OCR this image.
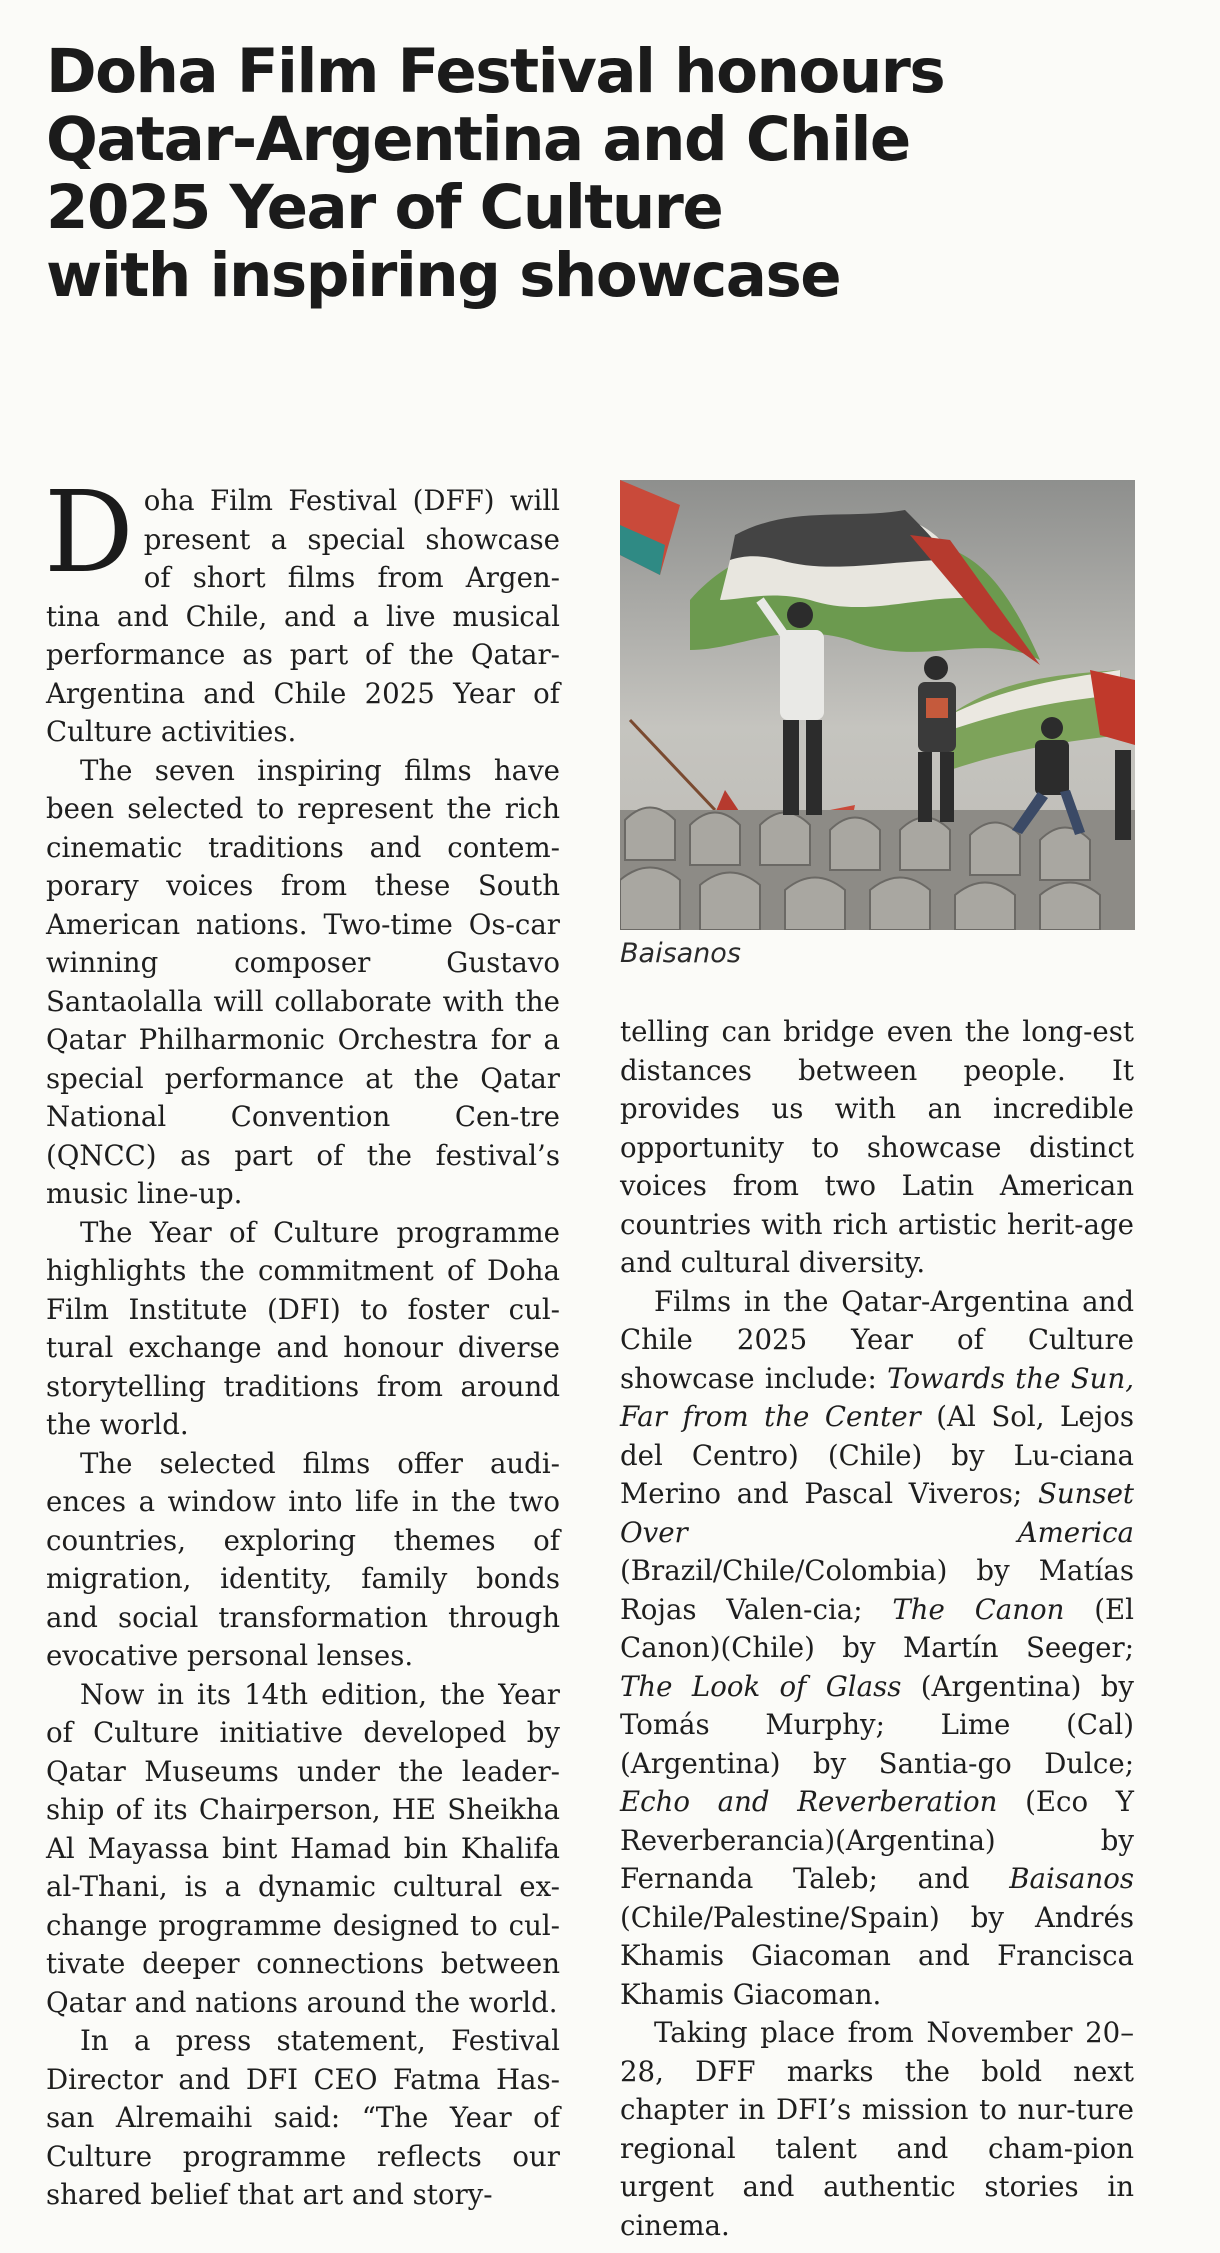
Doha Film Festival honours
Qatar-Argentina and Chile
2025 Year of Culture
with inspiring showcase

Doha Film Festival (DFF) will present a special showcase of short films from Argen-tina and Chile, and a live musical performance as part of the Qatar-Argentina and Chile 2025 Year of Culture activities.

The seven inspiring films have been selected to represent the rich cinematic traditions and contem-porary voices from these South American nations. Two-time Os-car winning composer Gustavo Santaolalla will collaborate with the Qatar Philharmonic Orchestra for a special performance at the Qatar National Convention Cen-tre (QNCC) as part of the festival’s music line-up.

The Year of Culture programme highlights the commitment of Doha Film Institute (DFI) to foster cul-tural exchange and honour diverse storytelling traditions from around the world.

The selected films offer audi-ences a window into life in the two countries, exploring themes of migration, identity, family bonds and social transformation through evocative personal lenses.

Now in its 14th edition, the Year of Culture initiative developed by Qatar Museums under the leader-ship of its Chairperson, HE Sheikha Al Mayassa bint Hamad bin Khalifa al-Thani, is a dynamic cultural ex-change programme designed to cul-tivate deeper connections between Qatar and nations around the world.

In a press statement, Festival Director and DFI CEO Fatma Has-san Alremaihi said: “The Year of Culture programme reflects our shared belief that art and story-

Baisanos

telling can bridge even the long-est distances between people. It provides us with an incredible opportunity to showcase distinct voices from two Latin American countries with rich artistic herit-age and cultural diversity.

Films in the Qatar-Argentina and Chile 2025 Year of Culture showcase include: Towards the Sun, Far from the Center (Al Sol, Lejos del Centro) (Chile) by Lu-ciana Merino and Pascal Viveros; Sunset Over America (Brazil/Chile/Colombia) by Matías Rojas Valen-cia; The Canon (El Canon)(Chile) by Martín Seeger; The Look of Glass (Argentina) by Tomás Murphy; Lime (Cal) (Argentina) by Santia-go Dulce; Echo and Reverberation (Eco Y Reverberancia)(Argentina) by Fernanda Taleb; and Baisanos (Chile/Palestine/Spain) by Andrés Khamis Giacoman and Francisca Khamis Giacoman.

Taking place from November 20–28, DFF marks the bold next chapter in DFI’s mission to nur-ture regional talent and cham-pion urgent and authentic stories in cinema.
